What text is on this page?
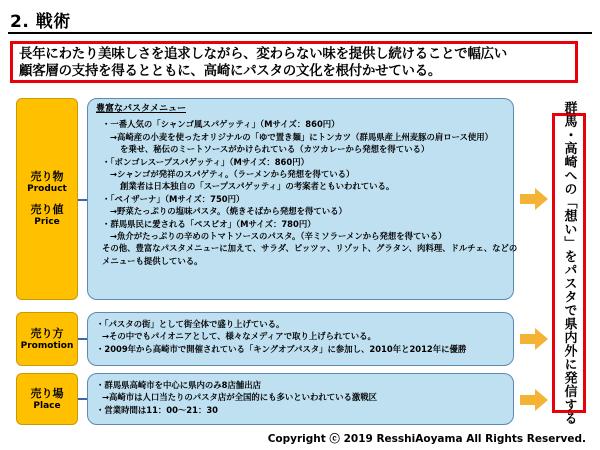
2. 戦術
長年にわたり美味しさを追求しながら、変わらない味を提供し続けることで幅広い
顧客層の支持を得るとともに、高崎にパスタの文化を根付かせている。
売り物
Product
売り値
Price
豊富なパスタメニュー
・一番人気の「シャンゴ風スパゲッティ」（Mサイズ：860円）
→高崎産の小麦を使ったオリジナルの「ゆで置き麺」にトンカツ（群馬県産上州麦豚の肩ロース使用）
を乗せ、秘伝のミートソースがかけられている（カツカレーから発想を得ている）
・「ボンゴレスープスパゲッティ」（Mサイズ：860円）
→シャンゴが発祥のスパゲティ。（ラーメンから発想を得ている）
創業者は日本独自の「スープスパゲッティ」の考案者ともいわれている。
・「ペイザーナ」（Mサイズ：750円）
→野菜たっぷりの塩味パスタ。（焼きそばから発想を得ている）
・群馬県民に愛される「ペスビオ」（Mサイズ：780円）
→魚介がたっぷりの辛めのトマトソースのパスタ。（辛ミソラーメンから発想を得ている）
その他、豊富なパスタメニューに加えて、サラダ、ピッツァ、リゾット、グラタン、肉料理、ドルチェ、などの
メニューも提供している。
売り方
Promotion
・「パスタの街」として街全体で盛り上げている。
→その中でもパイオニアとして、様々なメディアで取り上げられている。
・2009年から高崎市で開催されている「キングオブパスタ」に参加し、2010年と2012年に優勝
売り場
Place
・群馬県高崎市を中心に県内のみ8店舗出店
→高崎市は人口当たりのパスタ店が全国的にも多いといわれている激戦区
・営業時間は11：00～21：30	群馬・高崎への「想い」をパスタで県内外に発信する
Copyright ⓒ 2019 ResshiAoyama All Rights Reserved.
